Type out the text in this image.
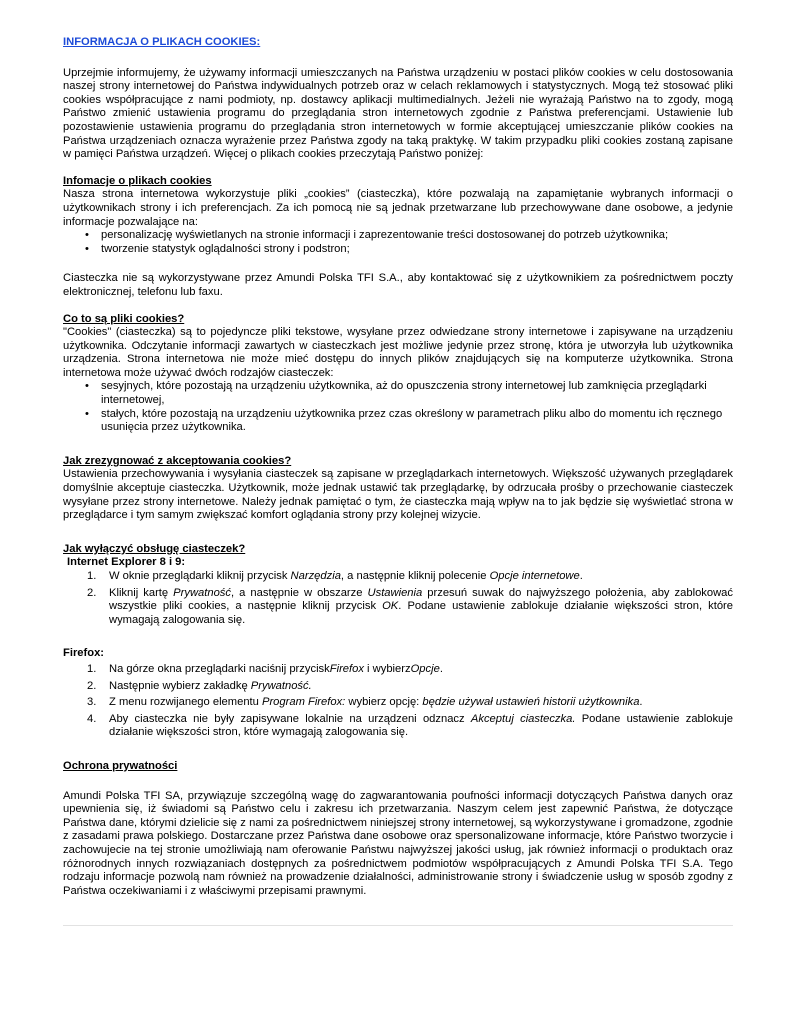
INFORMACJA O PLIKACH COOKIES:

Uprzejmie informujemy, że używamy informacji umieszczanych na Państwa urządzeniu w postaci plików cookies w celu dostosowania naszej strony internetowej do Państwa indywidualnych potrzeb oraz w celach reklamowych i statystycznych. Mogą też stosować pliki cookies współpracujące z nami podmioty, np. dostawcy aplikacji multimedialnych. Jeżeli nie wyrażają Państwo na to zgody, mogą Państwo zmienić ustawienia programu do przeglądania stron internetowych zgodnie z Państwa preferencjami. Ustawienie lub pozostawienie ustawienia programu do przeglądania stron internetowych w formie akceptującej umieszczanie plików cookies na Państwa urządzeniach oznacza wyrażenie przez Państwa zgody na taką praktykę. W takim przypadku pliki cookies zostaną zapisane w pamięci Państwa urządzeń. Więcej o plikach cookies przeczytają Państwo poniżej:

Infomacje o plikach cookies

Nasza strona internetowa wykorzystuje pliki „cookies” (ciasteczka), które pozwalają na zapamiętanie wybranych informacji o użytkownikach strony i ich preferencjach. Za ich pomocą nie są jednak przetwarzane lub przechowywane dane osobowe, a jedynie informacje pozwalające na:

• personalizację wyświetlanych na stronie informacji i zaprezentowanie treści dostosowanej do potrzeb użytkownika;
• tworzenie statystyk oglądalności strony i podstron;

Ciasteczka nie są wykorzystywane przez Amundi Polska TFI S.A., aby kontaktować się z użytkownikiem za pośrednictwem poczty elektronicznej, telefonu lub faxu.

Co to są pliki cookies?

"Cookies" (ciasteczka) są to pojedyncze pliki tekstowe, wysyłane przez odwiedzane strony internetowe i zapisywane na urządzeniu użytkownika. Odczytanie informacji zawartych w ciasteczkach jest możliwe jedynie przez stronę, która je utworzyła lub użytkownika urządzenia. Strona internetowa nie może mieć dostępu do innych plików znajdujących się na komputerze użytkownika. Strona internetowa może używać dwóch rodzajów ciasteczek:

• sesyjnych, które pozostają na urządzeniu użytkownika, aż do opuszczenia strony internetowej lub zamknięcia przeglądarki internetowej,
• stałych, które pozostają na urządzeniu użytkownika przez czas określony w parametrach pliku albo do momentu ich ręcznego usunięcia przez użytkownika.
Jak zrezygnować z akceptowania cookies?

Ustawienia przechowywania i wysyłania ciasteczek są zapisane w przeglądarkach internetowych. Większość używanych przeglądarek domyślnie akceptuje ciasteczka. Użytkownik, może jednak ustawić tak przeglądarkę, by odrzucała prośby o przechowanie ciasteczek wysyłane przez strony internetowe. Należy jednak pamiętać o tym, że ciasteczka mają wpływ na to jak będzie się wyświetlać strona w przeglądarce i tym samym zwiększać komfort oglądania strony przy kolejnej wizycie.

Jak wyłączyć obsługę ciasteczek?
Internet Explorer 8 i 9:
1. W oknie przeglądarki kliknij przycisk Narzędzia, a następnie kliknij polecenie Opcje internetowe.
2. Kliknij kartę Prywatność, a następnie w obszarze Ustawienia przesuń suwak do najwyższego położenia, aby zablokować wszystkie pliki cookies, a następnie kliknij przycisk OK. Podane ustawienie zablokuje działanie większości stron, które wymagają zalogowania się.
Firefox:
1. Na górze okna przeglądarki naciśnij przyciskFirefox i wybierzOpcje.
2. Następnie wybierz zakładkę Prywatność.
3. Z menu rozwijanego elementu Program Firefox: wybierz opcję: będzie używał ustawień historii użytkownika.
4. Aby ciasteczka nie były zapisywane lokalnie na urządzeni odznacz Akceptuj ciasteczka. Podane ustawienie zablokuje działanie większości stron, które wymagają zalogowania się.
Ochrona prywatności

Amundi Polska TFI SA, przywiązuje szczególną wagę do zagwarantowania poufności informacji dotyczących Państwa danych oraz upewnienia się, iż świadomi są Państwo celu i zakresu ich przetwarzania. Naszym celem jest zapewnić Państwa, że dotyczące Państwa dane, którymi dzielicie się z nami za pośrednictwem niniejszej strony internetowej, są wykorzystywane i gromadzone, zgodnie z zasadami prawa polskiego. Dostarczane przez Państwa dane osobowe oraz spersonalizowane informacje, które Państwo tworzycie i zachowujecie na tej stronie umożliwiają nam oferowanie Państwu najwyższej jakości usług, jak również informacji o produktach oraz różnorodnych innych rozwiązaniach dostępnych za pośrednictwem podmiotów współpracujących z Amundi Polska TFI S.A. Tego rodzaju informacje pozwolą nam również na prowadzenie działalności, administrowanie strony i świadczenie usług w sposób zgodny z Państwa oczekiwaniami i z właściwymi przepisami prawnymi.
